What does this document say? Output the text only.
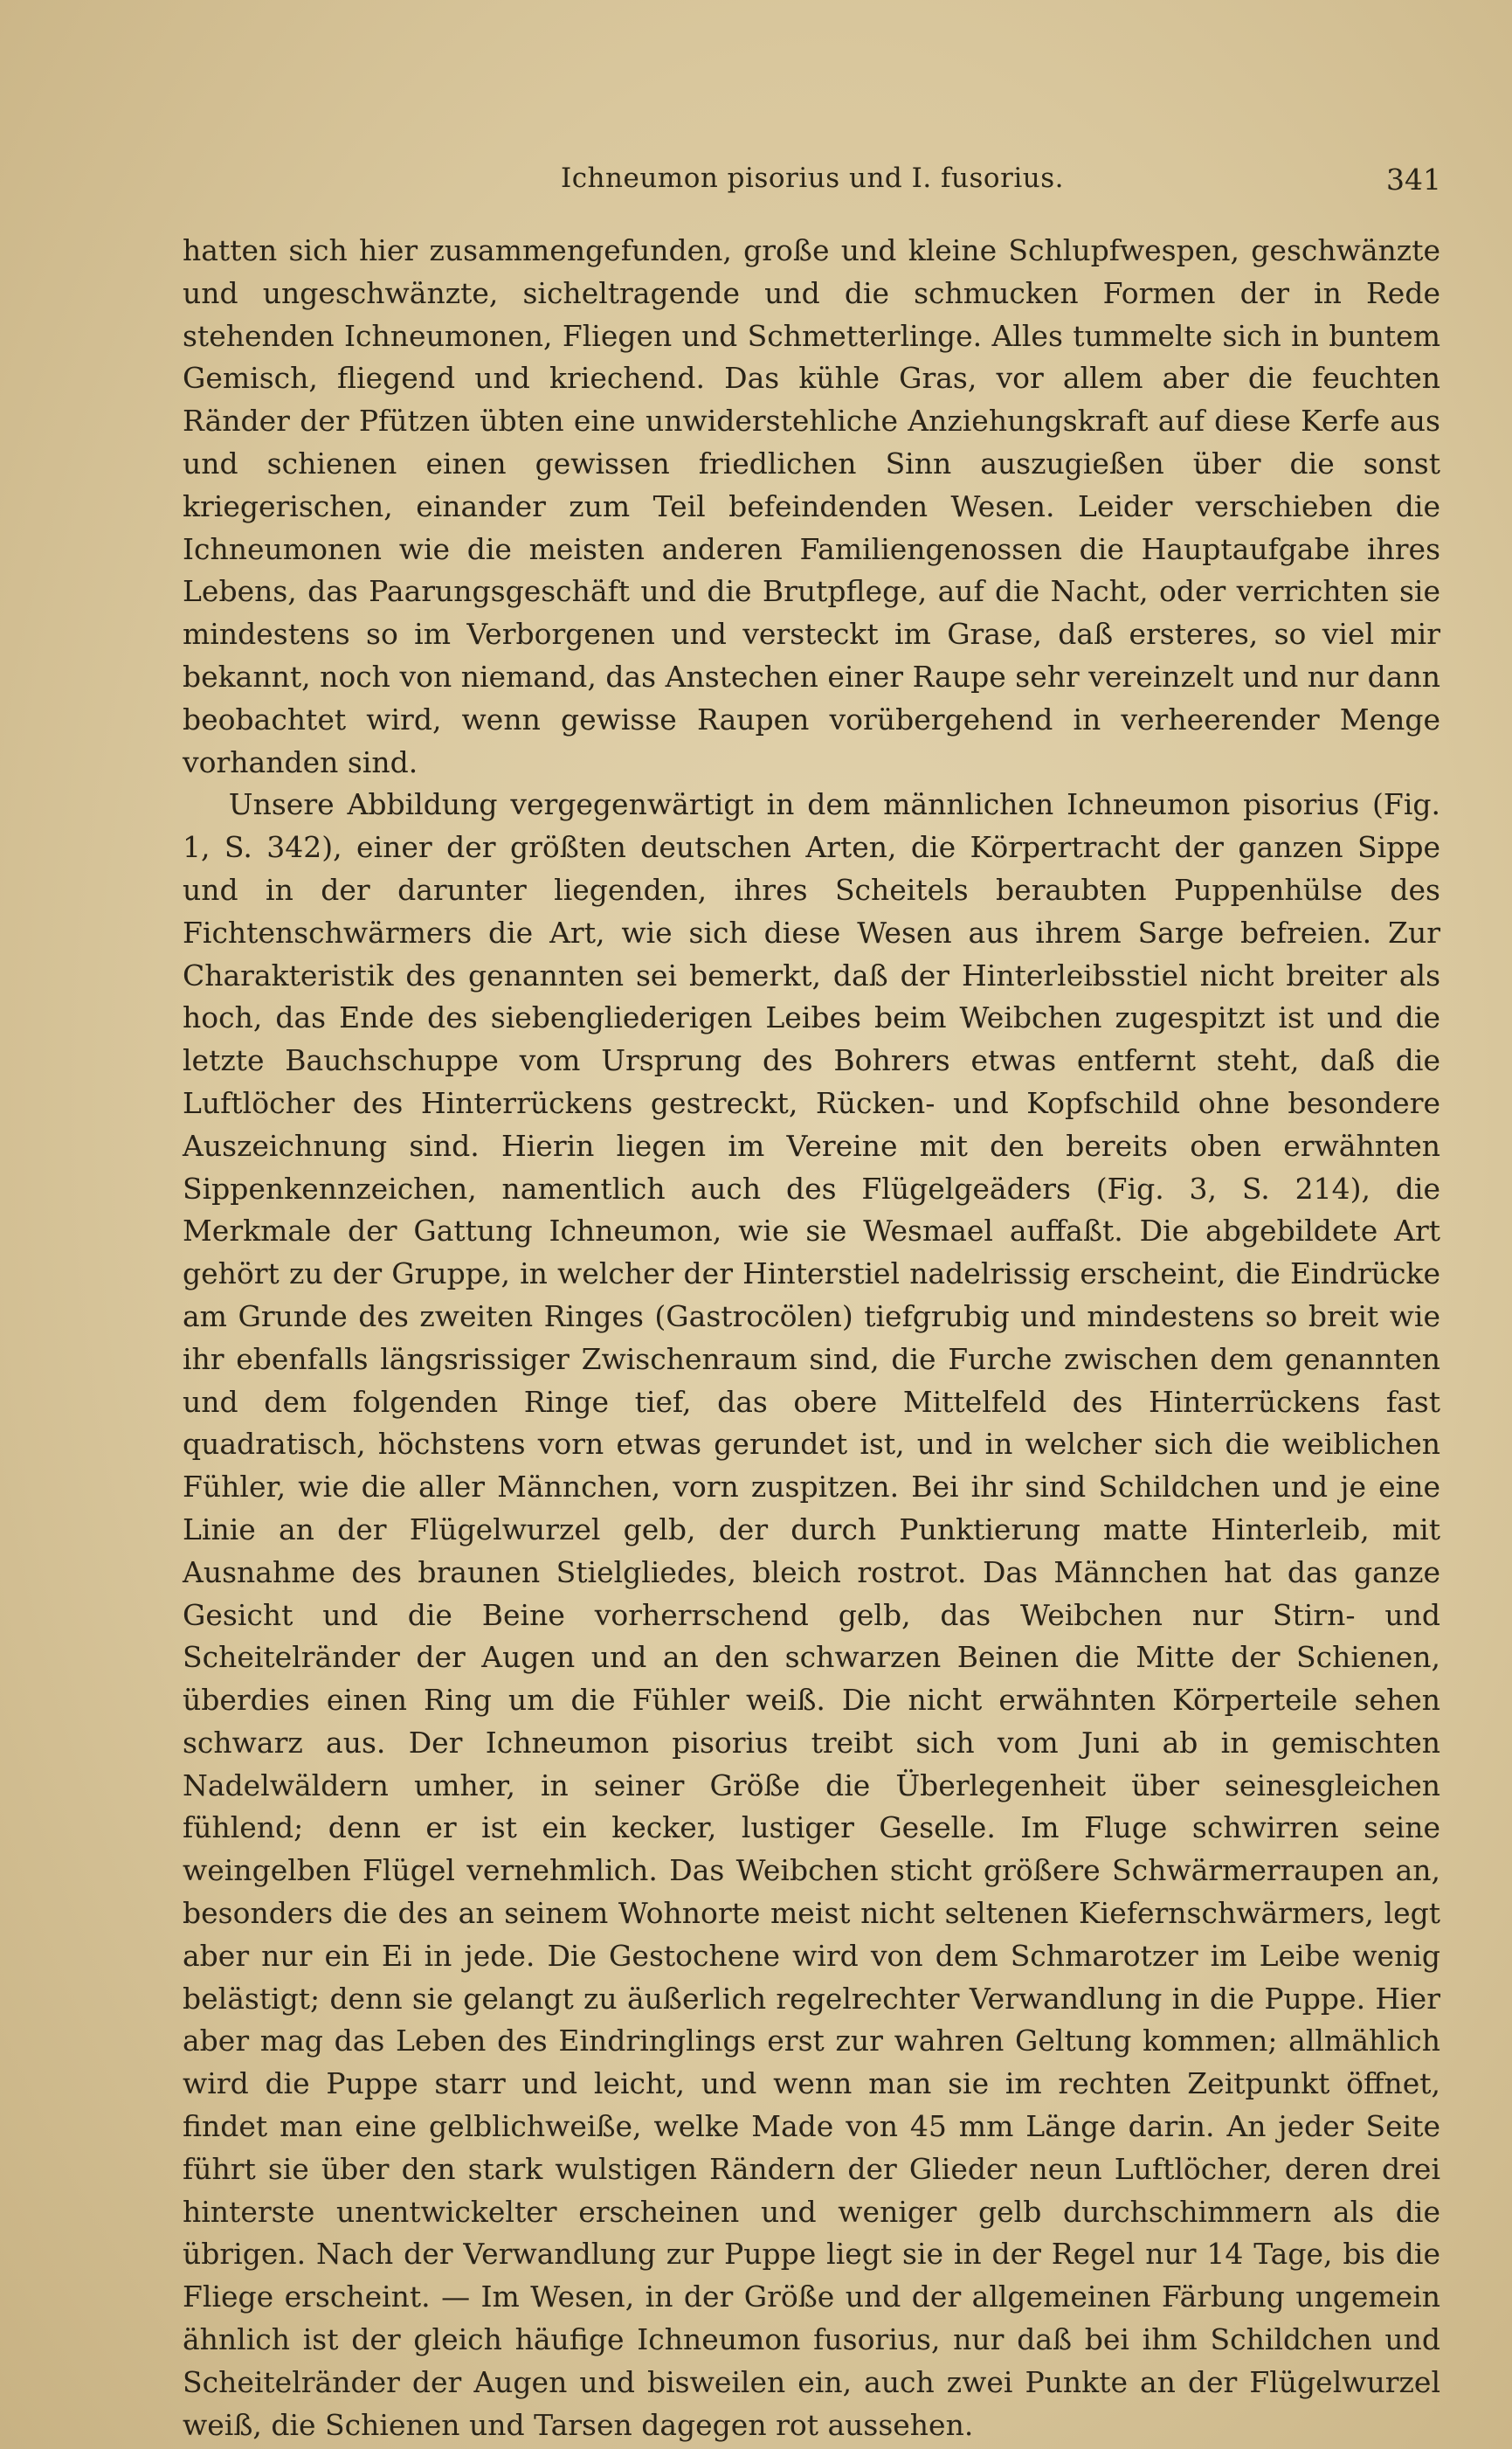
Ichneumon pisorius und I. fusorius.	341

hatten sich hier zusammengefunden, große und kleine Schlupfwespen, geschwänzte und ungeschwänzte, sicheltragende und die schmucken Formen der in Rede stehenden Ichneumonen, Fliegen und Schmetterlinge. Alles tummelte sich in buntem Gemisch, fliegend und kriechend. Das kühle Gras, vor allem aber die feuchten Ränder der Pfützen übten eine unwiderstehliche Anziehungskraft auf diese Kerfe aus und schienen einen gewissen friedlichen Sinn auszugießen über die sonst kriegerischen, einander zum Teil befeindenden Wesen. Leider verschieben die Ichneumonen wie die meisten anderen Familiengenossen die Hauptaufgabe ihres Lebens, das Paarungsgeschäft und die Brutpflege, auf die Nacht, oder verrichten sie mindestens so im Verborgenen und versteckt im Grase, daß ersteres, so viel mir bekannt, noch von niemand, das Anstechen einer Raupe sehr vereinzelt und nur dann beobachtet wird, wenn gewisse Raupen vorübergehend in verheerender Menge vorhanden sind.

Unsere Abbildung vergegenwärtigt in dem männlichen Ichneumon pisorius (Fig. 1, S. 342), einer der größten deutschen Arten, die Körpertracht der ganzen Sippe und in der darunter liegenden, ihres Scheitels beraubten Puppenhülse des Fichtenschwärmers die Art, wie sich diese Wesen aus ihrem Sarge befreien. Zur Charakteristik des genannten sei bemerkt, daß der Hinterleibsstiel nicht breiter als hoch, das Ende des siebengliederigen Leibes beim Weibchen zugespitzt ist und die letzte Bauchschuppe vom Ursprung des Bohrers etwas entfernt steht, daß die Luftlöcher des Hinterrückens gestreckt, Rücken- und Kopfschild ohne besondere Auszeichnung sind. Hierin liegen im Vereine mit den bereits oben erwähnten Sippenkennzeichen, namentlich auch des Flügelgeäders (Fig. 3, S. 214), die Merkmale der Gattung Ichneumon, wie sie Wesmael auffaßt. Die abgebildete Art gehört zu der Gruppe, in welcher der Hinterstiel nadelrissig erscheint, die Eindrücke am Grunde des zweiten Ringes (Gastrocölen) tiefgrubig und mindestens so breit wie ihr ebenfalls längsrissiger Zwischenraum sind, die Furche zwischen dem genannten und dem folgenden Ringe tief, das obere Mittelfeld des Hinterrückens fast quadratisch, höchstens vorn etwas gerundet ist, und in welcher sich die weiblichen Fühler, wie die aller Männchen, vorn zuspitzen. Bei ihr sind Schildchen und je eine Linie an der Flügelwurzel gelb, der durch Punktierung matte Hinterleib, mit Ausnahme des braunen Stielgliedes, bleich rostrot. Das Männchen hat das ganze Gesicht und die Beine vorherrschend gelb, das Weibchen nur Stirn- und Scheitelränder der Augen und an den schwarzen Beinen die Mitte der Schienen, überdies einen Ring um die Fühler weiß. Die nicht erwähnten Körperteile sehen schwarz aus. Der Ichneumon pisorius treibt sich vom Juni ab in gemischten Nadelwäldern umher, in seiner Größe die Überlegenheit über seinesgleichen fühlend; denn er ist ein kecker, lustiger Geselle. Im Fluge schwirren seine weingelben Flügel vernehmlich. Das Weibchen sticht größere Schwärmerraupen an, besonders die des an seinem Wohnorte meist nicht seltenen Kiefernschwärmers, legt aber nur ein Ei in jede. Die Gestochene wird von dem Schmarotzer im Leibe wenig belästigt; denn sie gelangt zu äußerlich regelrechter Verwandlung in die Puppe. Hier aber mag das Leben des Eindringlings erst zur wahren Geltung kommen; allmählich wird die Puppe starr und leicht, und wenn man sie im rechten Zeitpunkt öffnet, findet man eine gelblichweiße, welke Made von 45 mm Länge darin. An jeder Seite führt sie über den stark wulstigen Rändern der Glieder neun Luftlöcher, deren drei hinterste unentwickelter erscheinen und weniger gelb durchschimmern als die übrigen. Nach der Verwandlung zur Puppe liegt sie in der Regel nur 14 Tage, bis die Fliege erscheint. — Im Wesen, in der Größe und der allgemeinen Färbung ungemein ähnlich ist der gleich häufige Ichneumon fusorius, nur daß bei ihm Schildchen und Scheitelränder der Augen und bisweilen ein, auch zwei Punkte an der Flügelwurzel weiß, die Schienen und Tarsen dagegen rot aussehen.
